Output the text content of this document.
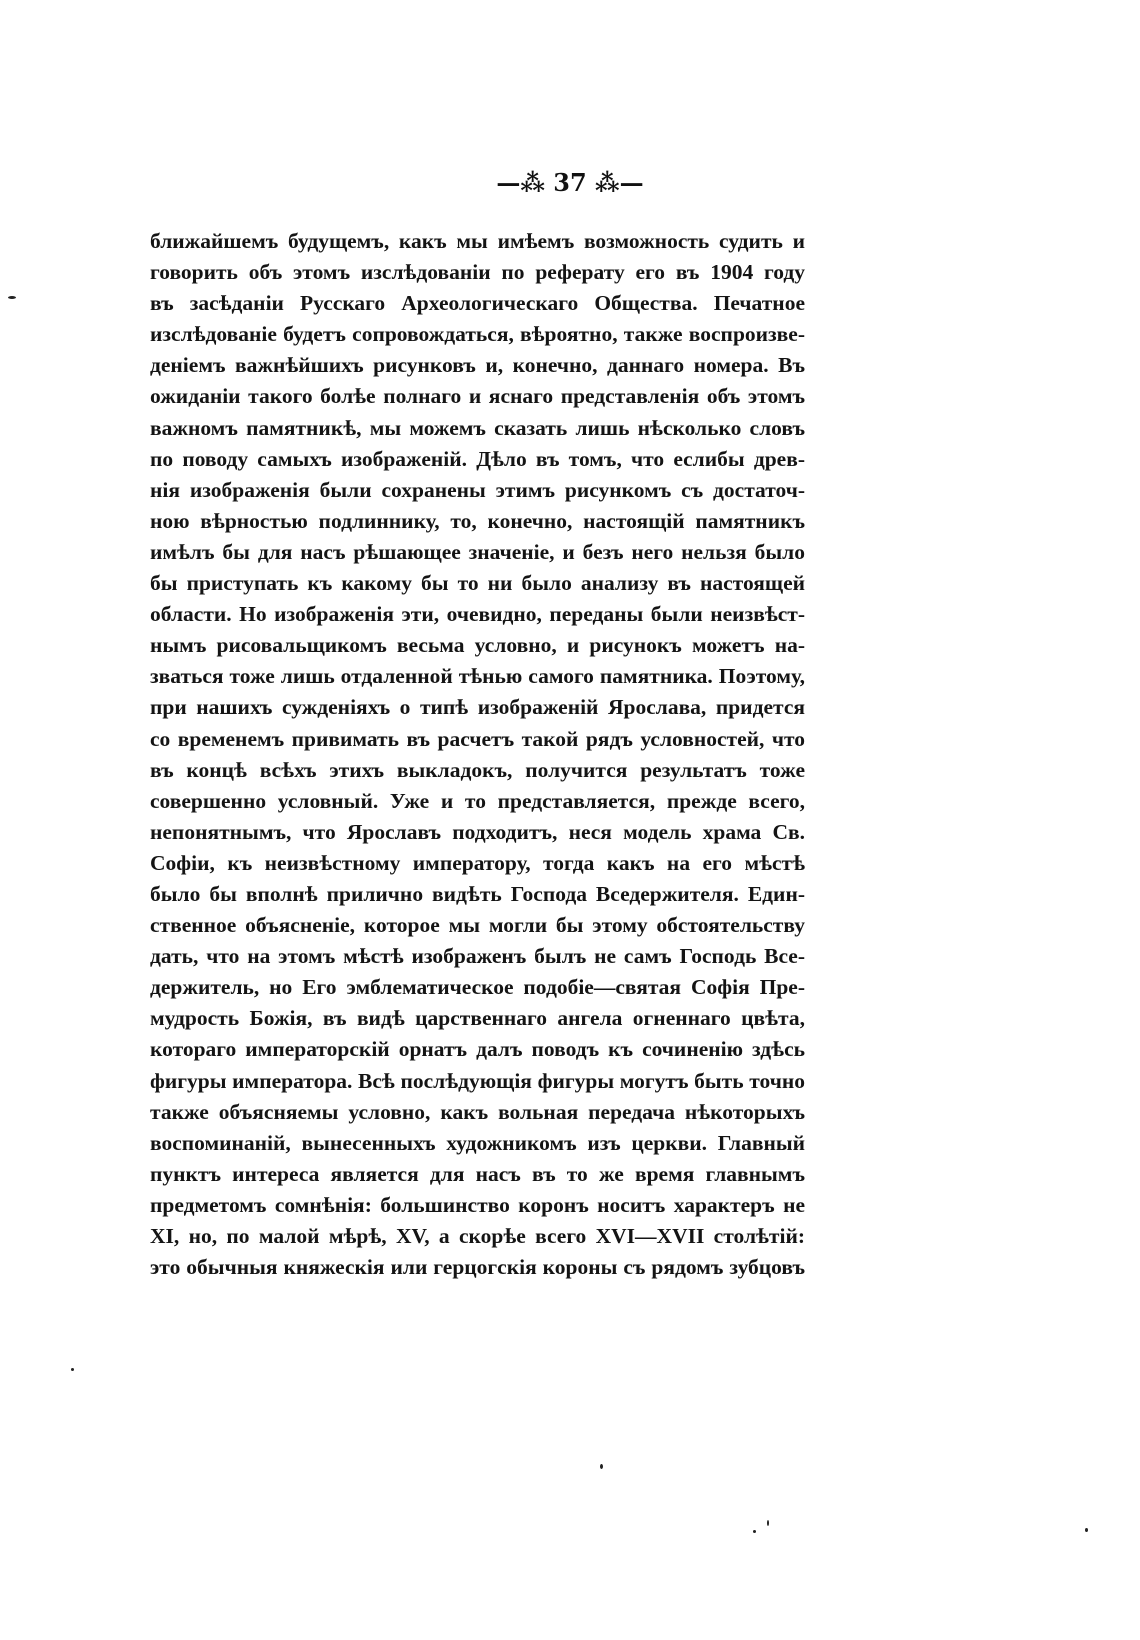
—⁂ 37 ⁂—
ближайшемъ будущемъ, какъ мы имѣемъ возможность судить и
говорить объ этомъ изслѣдованіи по реферату его въ 1904 году
въ засѣданіи Русскаго Археологическаго Общества. Печатное
изслѣдованіе будетъ сопровождаться, вѣроятно, также воспроизве-
деніемъ важнѣйшихъ рисунковъ и, конечно, даннаго номера. Въ
ожиданіи такого болѣе полнаго и яснаго представленія объ этомъ
важномъ памятникѣ, мы можемъ сказать лишь нѣсколько словъ
по поводу самыхъ изображеній. Дѣло въ томъ, что еслибы древ-
нія изображенія были сохранены этимъ рисункомъ съ достаточ-
ною вѣрностью подлиннику, то, конечно, настоящій памятникъ
имѣлъ бы для насъ рѣшающее значеніе, и безъ него нельзя было
бы приступать къ какому бы то ни было анализу въ настоящей
области. Но изображенія эти, очевидно, переданы были неизвѣст-
нымъ рисовальщикомъ весьма условно, и рисунокъ можетъ на-
зваться тоже лишь отдаленной тѣнью самого памятника. Поэтому,
при нашихъ сужденіяхъ о типѣ изображеній Ярослава, придется
со временемъ привимать въ расчетъ такой рядъ условностей, что
въ концѣ всѣхъ этихъ выкладокъ, получится результатъ тоже
совершенно условный. Уже и то представляется, прежде всего,
непонятнымъ, что Ярославъ подходитъ, неся модель храма Св.
Софіи, къ неизвѣстному императору, тогда какъ на его мѣстѣ
было бы вполнѣ прилично видѣть Господа Вседержителя. Един-
ственное объясненіе, которое мы могли бы этому обстоятельству
дать, что на этомъ мѣстѣ изображенъ былъ не самъ Господь Все-
держитель, но Его эмблематическое подобіе—святая Софія Пре-
мудрость Божія, въ видѣ царственнаго ангела огненнаго цвѣта,
котораго императорскій орнатъ далъ поводъ къ сочиненію здѣсь
фигуры императора. Всѣ послѣдующія фигуры могутъ быть точно
также объясняемы условно, какъ вольная передача нѣкоторыхъ
воспоминаній, вынесенныхъ художникомъ изъ церкви. Главный
пунктъ интереса является для насъ въ то же время главнымъ
предметомъ сомнѣнія: большинство коронъ носитъ характеръ не
XI, но, по малой мѣрѣ, XV, а скорѣе всего XVI—XVII столѣтій:
это обычныя княжескія или герцогскія короны съ рядомъ зубцовъ
